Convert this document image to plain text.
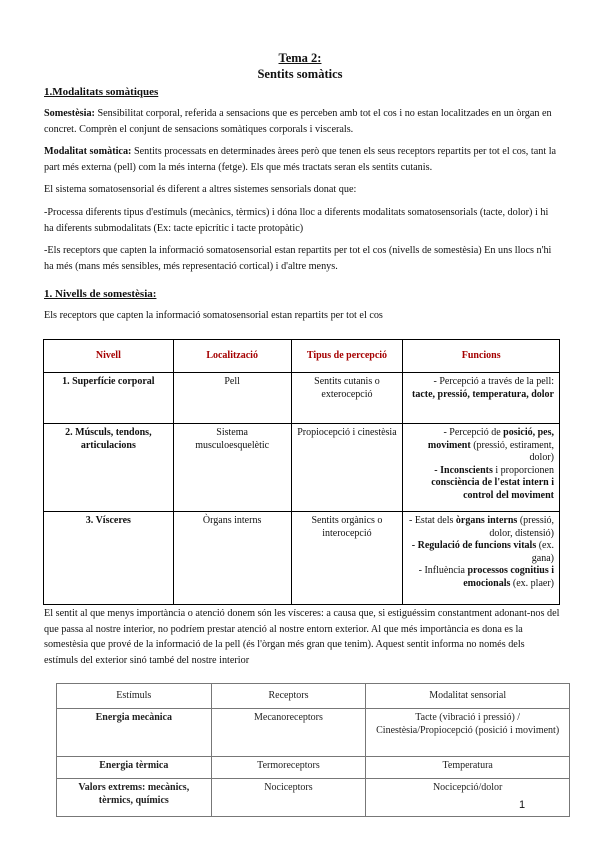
Tema 2:
Sentits somàtics
1.Modalitats somàtiques

Somestèsia: Sensibilitat corporal, referida a sensacions que es perceben amb tot el cos i no estan localitzades en un òrgan en concret. Comprèn el conjunt de sensacions somàtiques corporals i viscerals.

Modalitat somàtica: Sentits processats en determinades àrees però que tenen els seus receptors repartits per tot el cos, tant la part més externa (pell) com la més interna (fetge). Els que més tractats seran els sentits cutanis.

El sistema somatosensorial és diferent a altres sistemes sensorials donat que:

-Processa diferents tipus d'estímuls (mecànics, tèrmics) i dóna lloc a diferents modalitats somatosensorials (tacte, dolor) i hi ha diferents submodalitats (Ex: tacte epicrític i tacte protopàtic)

-Els receptors que capten la informació somatosensorial estan repartits per tot el cos (nivells de somestèsia) En uns llocs n'hi ha més (mans més sensibles, més representació cortical) i d'altre menys.

1. Nivells de somestèsia:

Els receptors que capten la informació somatosensorial estan repartits per tot el cos

Nivell	Localització	Tipus de percepció	Funcions
1. Superfície corporal	Pell	Sentits cutanis o exterocepció	- Percepció a través de la pell: tacte, pressió, temperatura, dolor
2. Músculs, tendons, articulacions	Sistema musculoesquelètic	Propiocepció i cinestèsia	- Percepció de posició, pes, moviment (pressió, estirament, dolor)
- Inconscients i proporcionen consciència de l'estat intern i control del moviment
3. Vísceres	Òrgans interns	Sentits orgànics o interocepció	- Estat dels òrgans interns (pressió, dolor, distensió)
- Regulació de funcions vitals (ex. gana)
- Influència processos cognitius i emocionals (ex. plaer)

El sentit al que menys importància o atenció donem són les vísceres: a causa que, si estiguéssim constantment adonant-nos del que passa al nostre interior, no podríem prestar atenció al nostre entorn exterior. Al que més importància es dona es la somestèsia que prové de la informació de la pell (és l'òrgan més gran que tenim). Aquest sentit informa no només dels estímuls del exterior sinó també del nostre interior

Estímuls	Receptors	Modalitat sensorial
Energia mecànica	Mecanoreceptors	Tacte (vibració i pressió) / Cinestèsia/Propiocepció (posició i moviment)
Energia tèrmica	Termoreceptors	Temperatura
Valors extrems: mecànics, tèrmics, químics	Nociceptors	Nocicepció/dolor
1
